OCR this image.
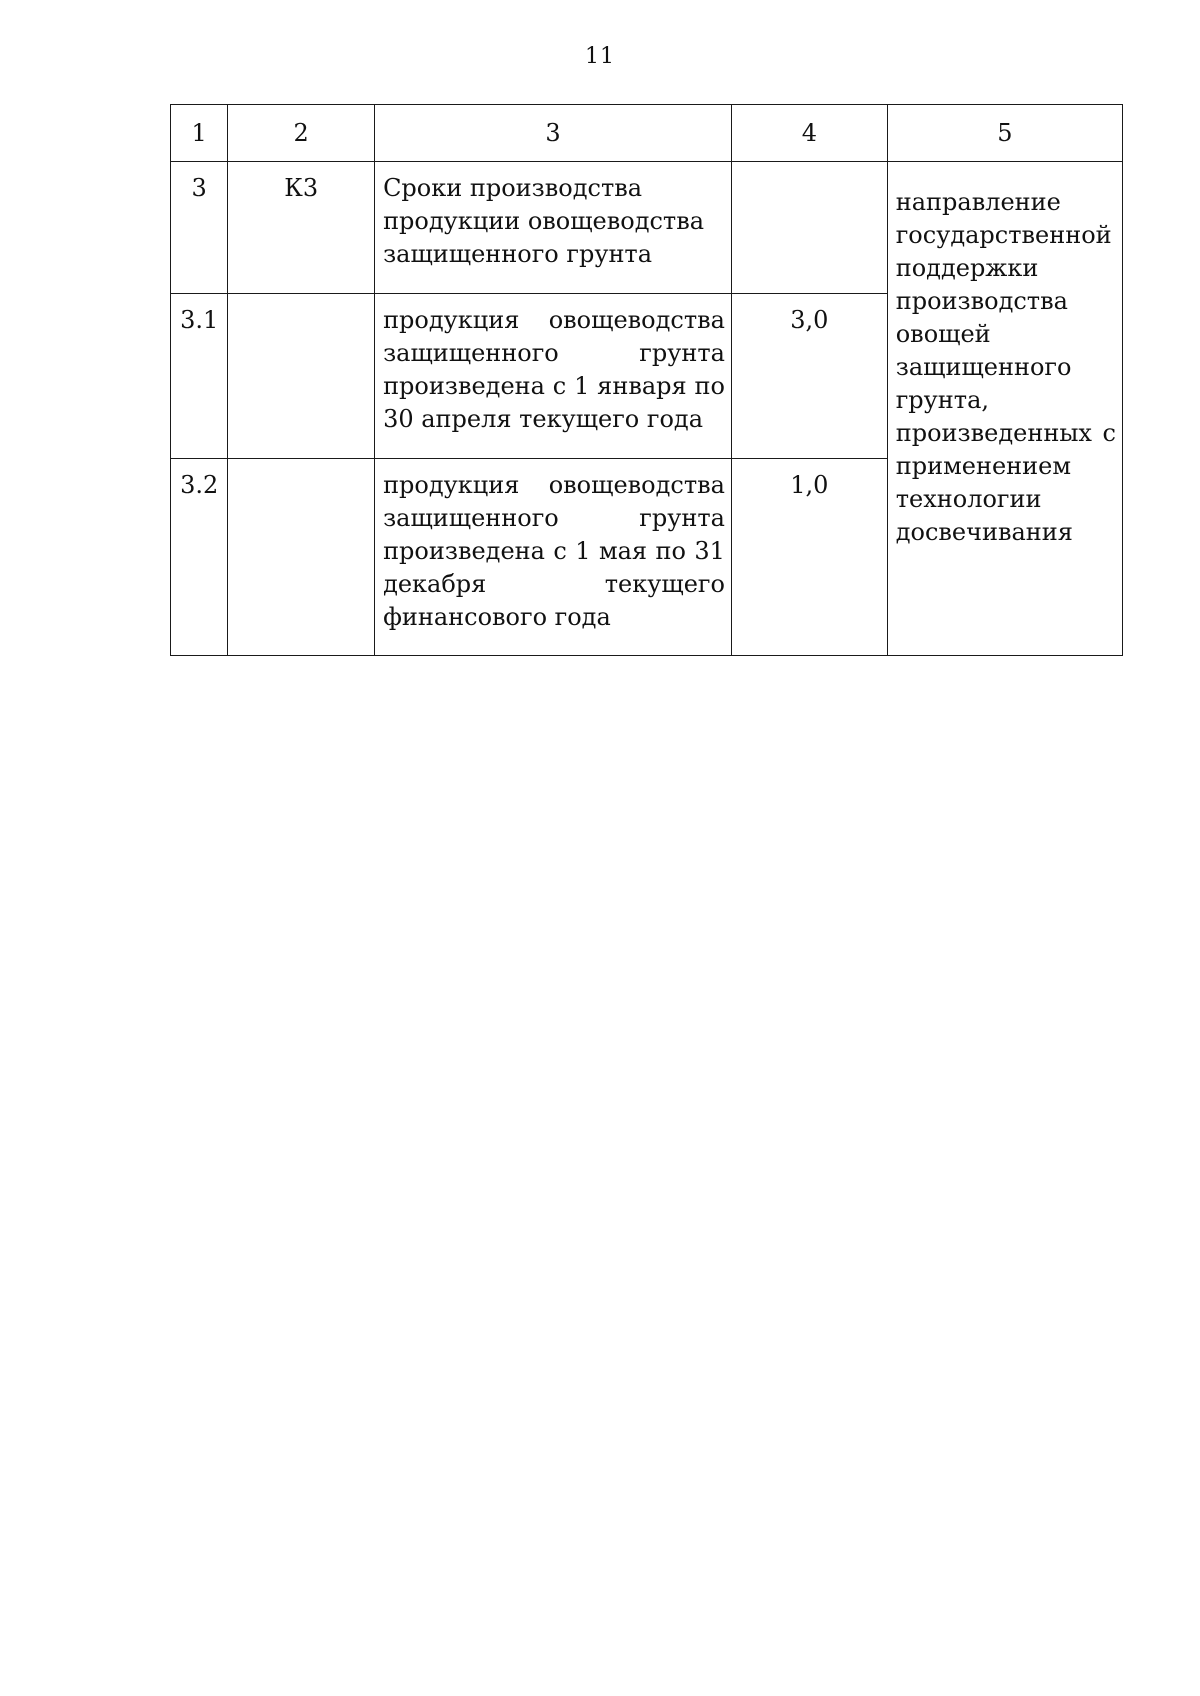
11
1	2	3	4	5
3	К3	Сроки производства продукции овощеводства защищенного грунта		направление государственной поддержки производства овощей защищенного грунта, произведенных с применением технологии досвечивания

3.1		продукция овощеводства защищенного грунта произведена с 1 января по 30 апреля текущего года	3,0	
3.2		продукция овощеводства защищенного грунта произведена с 1 мая по 31 декабря текущего финансового года	1,0	
